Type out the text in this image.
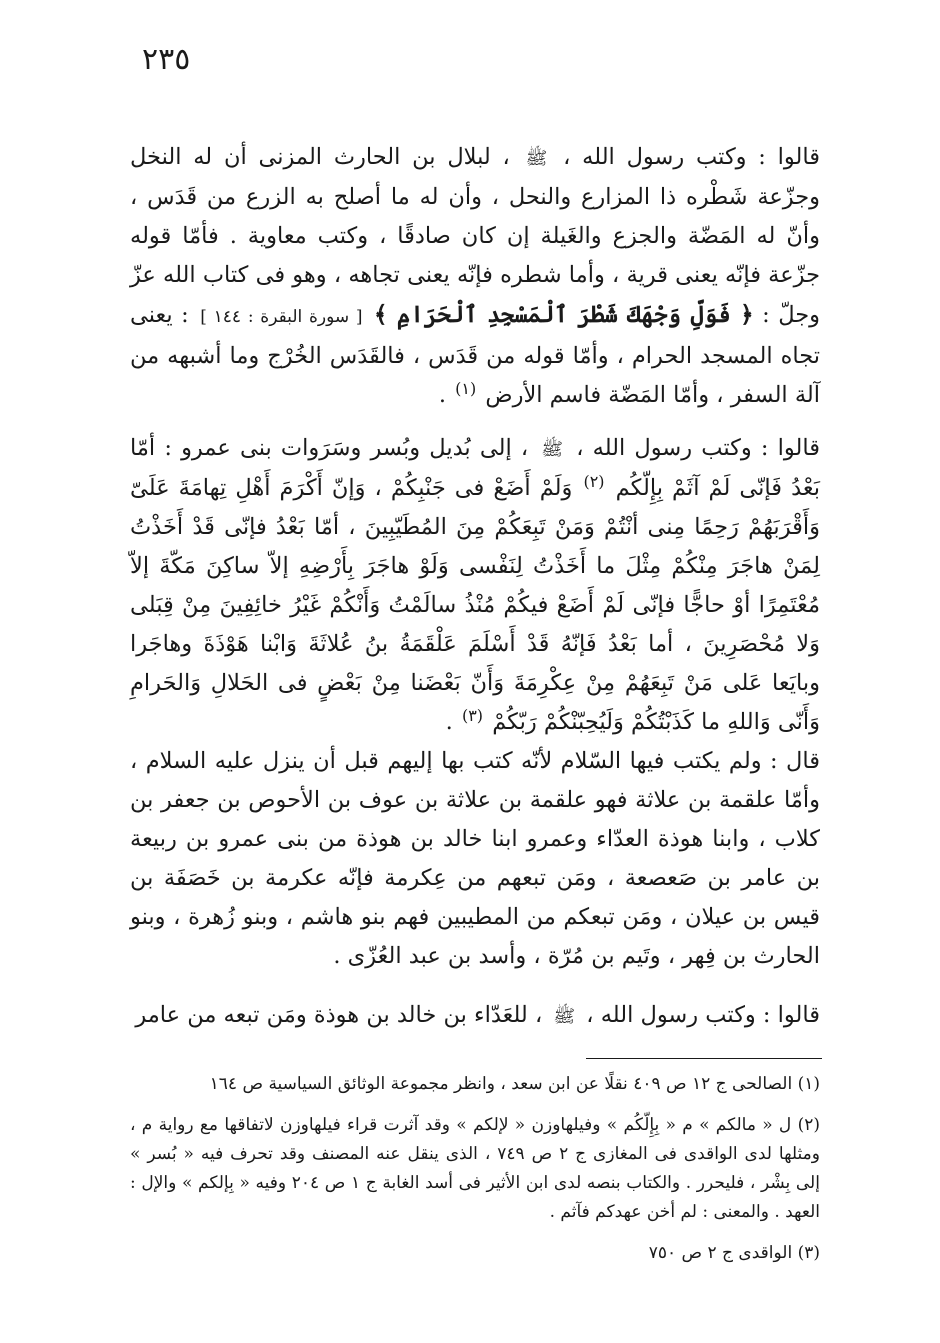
٢٣٥

قالوا : وكتب رسول الله ، ﷺ ، لبلال بن الحارث المزنى أن له النخل وجزّعة شَطْره ذا المزارع والنحل ، وأن له ما أصلح به الزرع من قَدَس ، وأنّ له المَضّة والجزع والغَيلة إن كان صادقًا ، وكتب معاوية . فأمّا قوله جزّعة فإنّه يعنى قرية ، وأما شطره فإنّه يعنى تجاهه ، وهو فى كتاب الله عزّ وجلّ : ﴿ فَوَلِّ وَجْهَكَ شَطْرَ ٱلْمَسْجِدِ ٱلْحَرَامِ ﴾ [ سورة البقرة : ١٤٤ ] : يعنى تجاه المسجد الحرام ، وأمّا قوله من قَدَس ، فالقَدَس الخُرْج وما أشبهه من آلة السفر ، وأمّا المَضّة فاسم الأرض $^{(١)}$ .

قالوا : وكتب رسول الله ، ﷺ ، إلى بُديل وبُسر وسَرَوات بنى عمرو : أمّا بَعْدُ فَإنّى لَمْ آثَمْ بِإِلّكُم $^{(٢)}$ وَلَمْ أَضَعْ فى جَنْبِكُمْ ، وَإنّ أَكْرَمَ أَهْلِ تِهامَةَ عَلَىّ وَأَقْرَبَهُمْ رَحِمًا مِنى أنْتُمْ وَمَنْ تَبِعَكُمْ مِنَ المُطَيّبِينَ ، أمّا بَعْدُ فإنّى قَدْ أَخَذْتُ لِمَنْ هاجَرَ مِنْكُمْ مِثْلَ ما أَخَذْتُ لِنَفْسى وَلَوْ هاجَرَ بِأَرْضِهِ إلاّ ساكِنَ مَكّةَ إلاّ مُعْتَمِرًا أوْ حاجًّا فإنّى لَمْ أَضَعْ فيكُمْ مُنْذُ سالَمْتُ وَأَنْكُمْ غَيْرُ خائِفِينَ مِنْ قِبَلى وَلا مُحْصَرِينَ ، أما بَعْدُ فَإنّهُ قَدْ أَسْلَمَ عَلْقَمَةُ بنُ عُلاثَةَ وَابْنا هَوْذَةَ وهاجَرا وبايَعا عَلى مَنْ تَبِعَهُمْ مِنْ عِكْرِمَةَ وَأَنّ بَعْضَنا مِنْ بَعْضٍ فى الحَلالِ وَالحَرامِ وَأَنّى وَاللهِ ما كَذَبْتُكُمْ وَلَيُحِبّنْكُمْ رَبّكُمْ $^{(٣)}$ .

قال : ولم يكتب فيها السّلام لأنّه كتب بها إليهم قبل أن ينزل عليه السلام ، وأمّا علقمة بن علاثة فهو علقمة بن علاثة بن عوف بن الأحوص بن جعفر بن كلاب ، وابنا هوذة العدّاء وعمرو ابنا خالد بن هوذة من بنى عمرو بن ربيعة بن عامر بن صَعصعة ، ومَن تبعهم من عِكرمة فإنّه عكرمة بن خَصَفَة بن قيس بن عيلان ، ومَن تبعكم من المطيبين فهم بنو هاشم ، وبنو زُهرة ، وبنو الحارث بن فِهر ، وتَيم بن مُرّة ، وأسد بن عبد العُزّى .

قالوا : وكتب رسول الله ، ﷺ ، للعَدّاء بن خالد بن هوذة ومَن تبعه من عامر

(١) الصالحى ج ١٢ ص ٤٠٩ نقلًا عن ابن سعد ، وانظر مجموعة الوثائق السياسية ص ١٦٤

(٢) ل « مالكم » م « بِإِلّكُم » وفيلهاوزن « لإلكم » وقد آثرت قراء فيلهاوزن لاتفاقها مع رواية م ، ومثلها لدى الواقدى فى المغازى ج ٢ ص ٧٤٩ ، الذى ينقل عنه المصنف وقد تحرف فيه « بُسر » إلى بِشْر ، فليحرر . والكتاب بنصه لدى ابن الأثير فى أسد الغابة ج ١ ص ٢٠٤ وفيه « بِإلكم » والإل : العهد . والمعنى : لم أخن عهدكم فآثم .

(٣) الواقدى ج ٢ ص ٧٥٠
